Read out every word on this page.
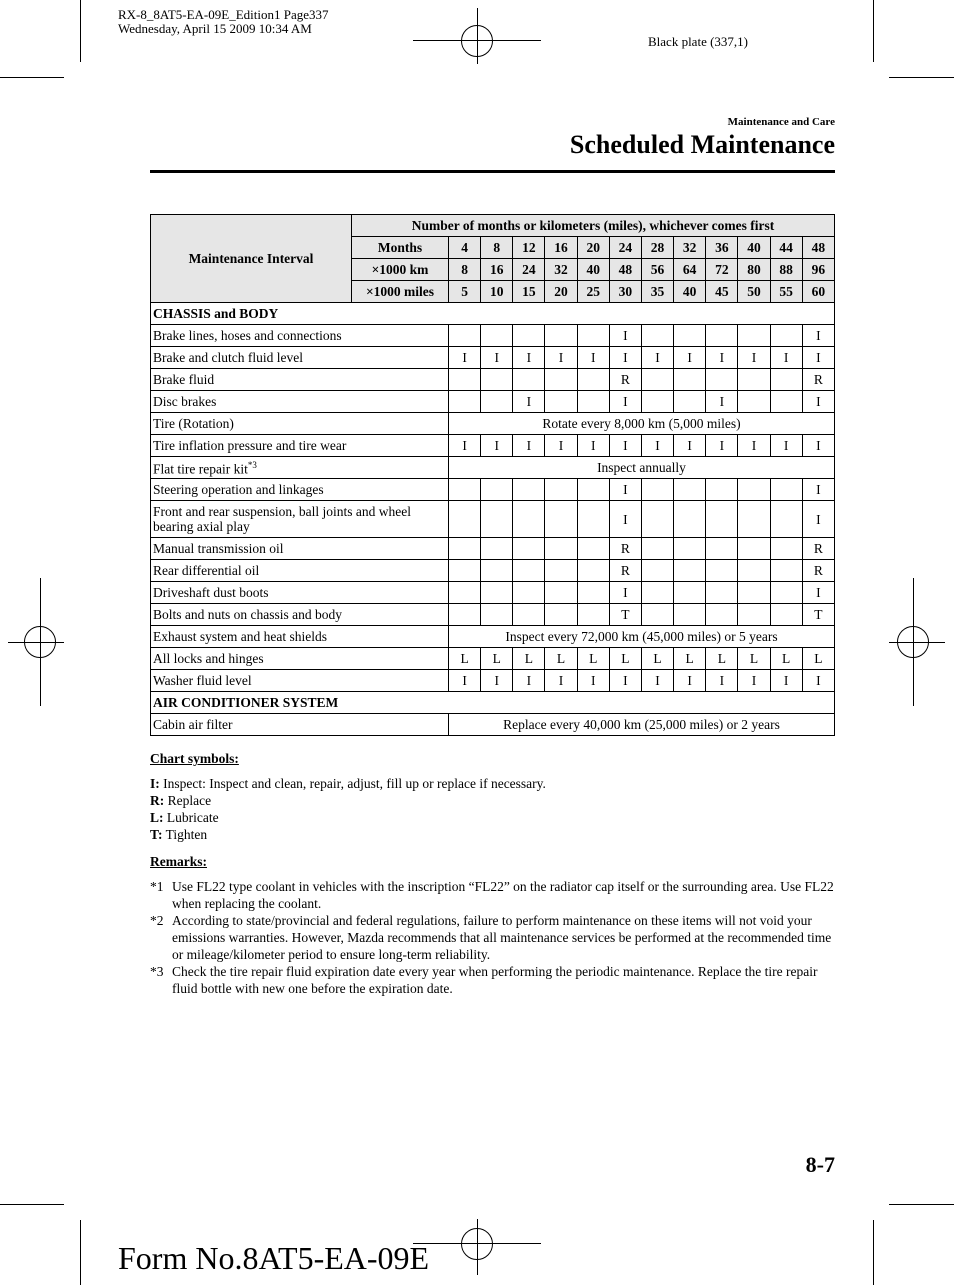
RX-8_8AT5-EA-09E_Edition1 Page337
Wednesday, April 15 2009 10:34 AM
Black plate (337,1)
Maintenance and Care
Scheduled Maintenance
Maintenance Interval	Number of months or kilometers (miles), whichever comes first												
	Months	4	8	12	16	20	24	28	32	36	40	44	48
	×1000 km	8	16	24	32	40	48	56	64	72	80	88	96
	×1000 miles	5	10	15	20	25	30	35	40	45	50	55	60
CHASSIS and BODY													
Brake lines, hoses and connections							I						I
Brake and clutch fluid level		I	I	I	I	I	I	I	I	I	I	I	I
Brake fluid							R						R
Disc brakes				I			I			I			I
Tire (Rotation)		Rotate every 8,000 km (5,000 miles)											
Tire inflation pressure and tire wear		I	I	I	I	I	I	I	I	I	I	I	I
Flat tire repair kit$^{*3}$		Inspect annually											
Steering operation and linkages							I						I
Front and rear suspension, ball joints and wheel bearing axial play							I						I
Manual transmission oil							R						R
Rear differential oil							R						R
Driveshaft dust boots							I						I
Bolts and nuts on chassis and body							T						T
Exhaust system and heat shields		Inspect every 72,000 km (45,000 miles) or 5 years											
All locks and hinges		L	L	L	L	L	L	L	L	L	L	L	L
Washer fluid level		I	I	I	I	I	I	I	I	I	I	I	I
AIR CONDITIONER SYSTEM													
Cabin air filter		Replace every 40,000 km (25,000 miles) or 2 years											
Chart symbols:
I: Inspect: Inspect and clean, repair, adjust, fill up or replace if necessary.
R: Replace
L: Lubricate
T: Tighten
Remarks:
*1 Use FL22 type coolant in vehicles with the inscription “FL22” on the radiator cap itself or the surrounding area. Use FL22 when replacing the coolant.
*2 According to state/provincial and federal regulations, failure to perform maintenance on these items will not void your emissions warranties. However, Mazda recommends that all maintenance services be performed at the recommended time or mileage/kilometer period to ensure long-term reliability.
*3 Check the tire repair fluid expiration date every year when performing the periodic maintenance. Replace the tire repair fluid bottle with new one before the expiration date.
8-7
Form No.8AT5-EA-09E
